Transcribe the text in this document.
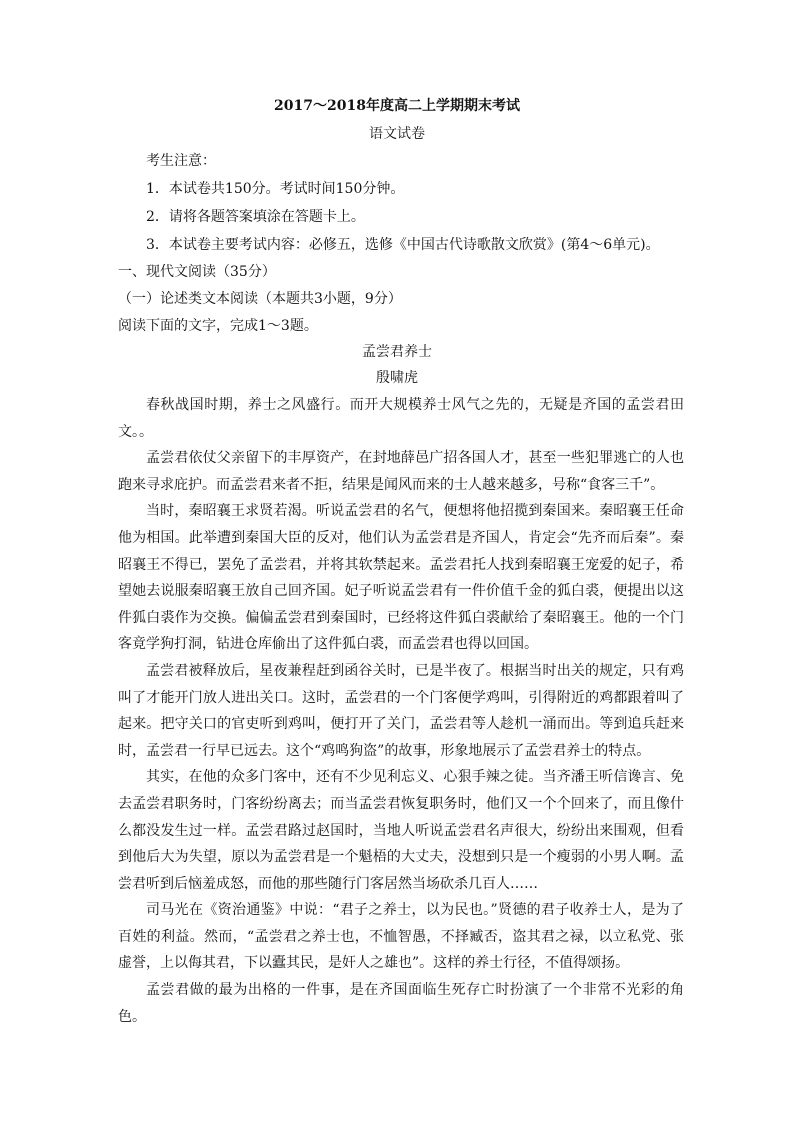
2017～2018年度高二上学期期末考试
语文试卷
考生注意：
1．本试卷共150分。考试时间150分钟。
2．请将各题答案填涂在答题卡上。
3．本试卷主要考试内容：必修五，选修《中国古代诗歌散文欣赏》(第4～6单元)。
一、现代文阅读（35分）
（一）论述类文本阅读（本题共3小题，9分）
阅读下面的文字，完成1～3题。
孟尝君养士
殷啸虎

春秋战国时期，养士之风盛行。而开大规模养士风气之先的，无疑是齐国的孟尝君田文。。

孟尝君依仗父亲留下的丰厚资产，在封地薛邑广招各国人才，甚至一些犯罪逃亡的人也跑来寻求庇护。而孟尝君来者不拒，结果是闻风而来的士人越来越多，号称“食客三千”。

当时，秦昭襄王求贤若渴。听说孟尝君的名气，便想将他招揽到秦国来。秦昭襄王任命他为相国。此举遭到秦国大臣的反对，他们认为孟尝君是齐国人，肯定会“先齐而后秦”。秦昭襄王不得已，罢免了孟尝君，并将其软禁起来。孟尝君托人找到秦昭襄王宠爱的妃子，希望她去说服秦昭襄王放自己回齐国。妃子听说孟尝君有一件价值千金的狐白裘，便提出以这件狐白裘作为交换。偏偏孟尝君到秦国时，已经将这件狐白裘献给了秦昭襄王。他的一个门客竟学狗打洞，钻进仓库偷出了这件狐白裘，而孟尝君也得以回国。

孟尝君被释放后，星夜兼程赶到函谷关时，已是半夜了。根据当时出关的规定，只有鸡叫了才能开门放人进出关口。这时，孟尝君的一个门客便学鸡叫，引得附近的鸡都跟着叫了起来。把守关口的官吏听到鸡叫，便打开了关门，孟尝君等人趁机一涌而出。等到追兵赶来时，孟尝君一行早已远去。这个“鸡鸣狗盗”的故事，形象地展示了孟尝君养士的特点。

其实，在他的众多门客中，还有不少见利忘义、心狠手辣之徒。当齐潘王听信谗言、免去孟尝君职务时，门客纷纷离去；而当孟尝君恢复职务时，他们又一个个回来了，而且像什么都没发生过一样。孟尝君路过赵国时，当地人听说孟尝君名声很大，纷纷出来围观，但看到他后大为失望，原以为孟尝君是一个魁梧的大丈夫，没想到只是一个瘦弱的小男人啊。孟尝君听到后恼羞成怒，而他的那些随行门客居然当场砍杀几百人……

司马光在《资治通鉴》中说：“君子之养士，以为民也。”贤德的君子收养士人，是为了百姓的利益。然而，“孟尝君之养士也，不恤智愚，不择臧否，盗其君之禄，以立私党、张虚誉，上以侮其君，下以蠹其民，是奸人之雄也”。这样的养士行径，不值得颂扬。

孟尝君做的最为出格的一件事，是在齐国面临生死存亡时扮演了一个非常不光彩的角色。
